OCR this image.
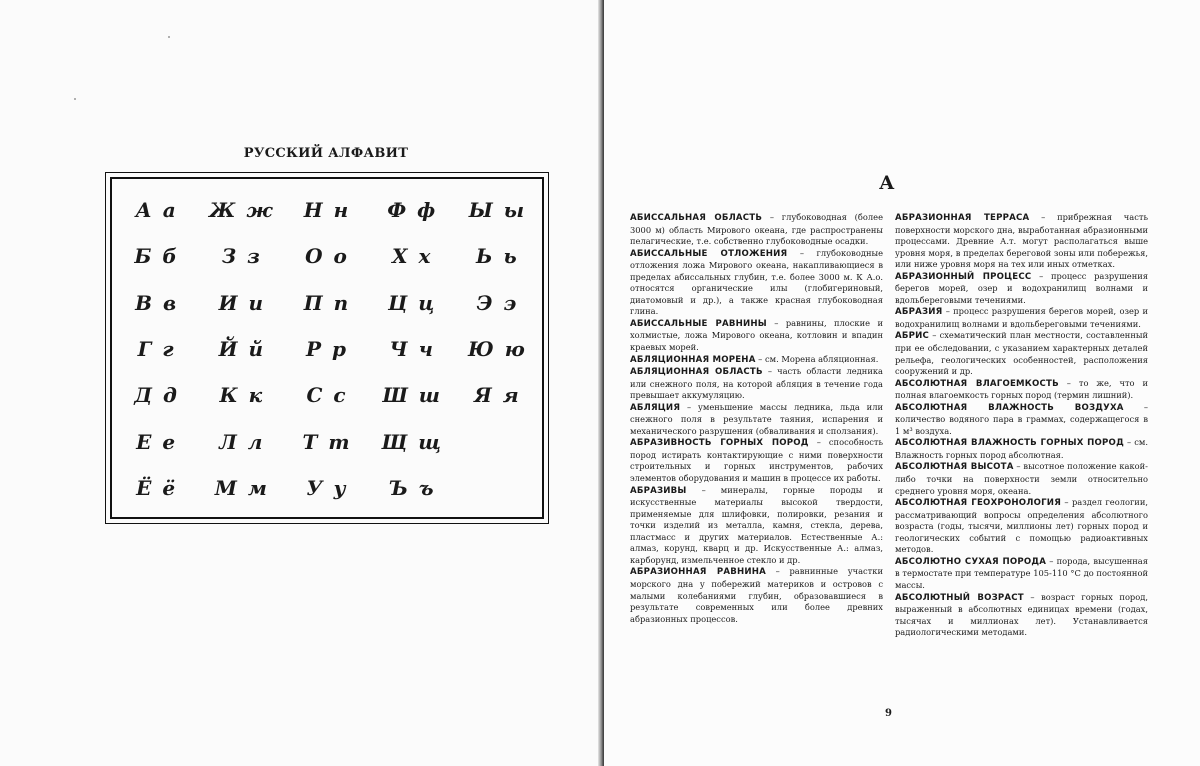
РУССКИЙ АЛФАВИТ
А а	Ж ж	Н н	Ф ф	Ы ы
Б б	З з	О о	Х х	Ь ь
В в	И и	П п	Ц ц	Э э
Г г	Й й	Р р	Ч ч	Ю ю
Д д	К к	С с	Ш ш	Я я
Е е	Л л	Т т	Щ щ
Ё ё	М м	У у	Ъ ъ
А

АБИССАЛЬНАЯ ОБЛАСТЬ – глубоководная (более 3000 м) область Мирового океана, где распространены пелагические, т.е. собственно глубоководные осадки.

АБИССАЛЬНЫЕ ОТЛОЖЕНИЯ – глубоководные отложения ложа Мирового океана, накапливающиеся в пределах абиссальных глубин, т.е. более 3000 м. К А.о. относятся органические илы (глобигериновый, диатомовый и др.), а также красная глубоководная глина.

АБИССАЛЬНЫЕ РАВНИНЫ – равнины, плоские и холмистые, ложа Мирового океана, котловин и впадин краевых морей.

АБЛЯЦИОННАЯ МОРЕНА – см. Морена абляционная.

АБЛЯЦИОННАЯ ОБЛАСТЬ – часть области ледника или снежного поля, на которой абляция в течение года превышает аккумуляцию.

АБЛЯЦИЯ – уменьшение массы ледника, льда или снежного поля в результате таяния, испарения и механического разрушения (обваливания и сползания).

АБРАЗИВНОСТЬ ГОРНЫХ ПОРОД – способность пород истирать контактирующие с ними поверхности строительных и горных инструментов, рабочих элементов оборудования и машин в процессе их работы.

АБРАЗИВЫ – минералы, горные породы и искусственные материалы высокой твердости, применяемые для шлифовки, полировки, резания и точки изделий из металла, камня, стекла, дерева, пластмасс и других материалов. Естественные А.: алмаз, корунд, кварц и др. Искусственные А.: алмаз, карборунд, измельченное стекло и др.

АБРАЗИОННАЯ РАВНИНА – равнинные участки морского дна у побережий материков и островов с малыми колебаниями глубин, образовавшиеся в результате современных или более древних абразионных процессов.

АБРАЗИОННАЯ ТЕРРАСА – прибрежная часть поверхности морского дна, выработанная абразионными процессами. Древние А.т. могут располагаться выше уровня моря, в пределах береговой зоны или побережья, или ниже уровня моря на тех или иных отметках.

АБРАЗИОННЫЙ ПРОЦЕСС – процесс разрушения берегов морей, озер и водохранилищ волнами и вдольбереговыми течениями.

АБРАЗИЯ – процесс разрушения берегов морей, озер и водохранилищ волнами и вдольбереговыми течениями.

АБРИС – схематический план местности, составленный при ее обследовании, с указанием характерных деталей рельефа, геологических особенностей, расположения сооружений и др.

АБСОЛЮТНАЯ ВЛАГОЕМКОСТЬ – то же, что и полная влагоемкость горных пород (термин лишний).

АБСОЛЮТНАЯ ВЛАЖНОСТЬ ВОЗДУХА – количество водяного пара в граммах, содержащегося в 1 м³ воздуха.

АБСОЛЮТНАЯ ВЛАЖНОСТЬ ГОРНЫХ ПОРОД – см. Влажность горных пород абсолютная.

АБСОЛЮТНАЯ ВЫСОТА – высотное положение какой-либо точки на поверхности земли относительно среднего уровня моря, океана.

АБСОЛЮТНАЯ ГЕОХРОНОЛОГИЯ – раздел геологии, рассматривающий вопросы определения абсолютного возраста (годы, тысячи, миллионы лет) горных пород и геологических событий с помощью радиоактивных методов.

АБСОЛЮТНО СУХАЯ ПОРОДА – порода, высушенная в термостате при температуре 105-110 °С до постоянной массы.

АБСОЛЮТНЫЙ ВОЗРАСТ – возраст горных пород, выраженный в абсолютных единицах времени (годах, тысячах и миллионах лет). Устанавливается радиологическими методами.

9
